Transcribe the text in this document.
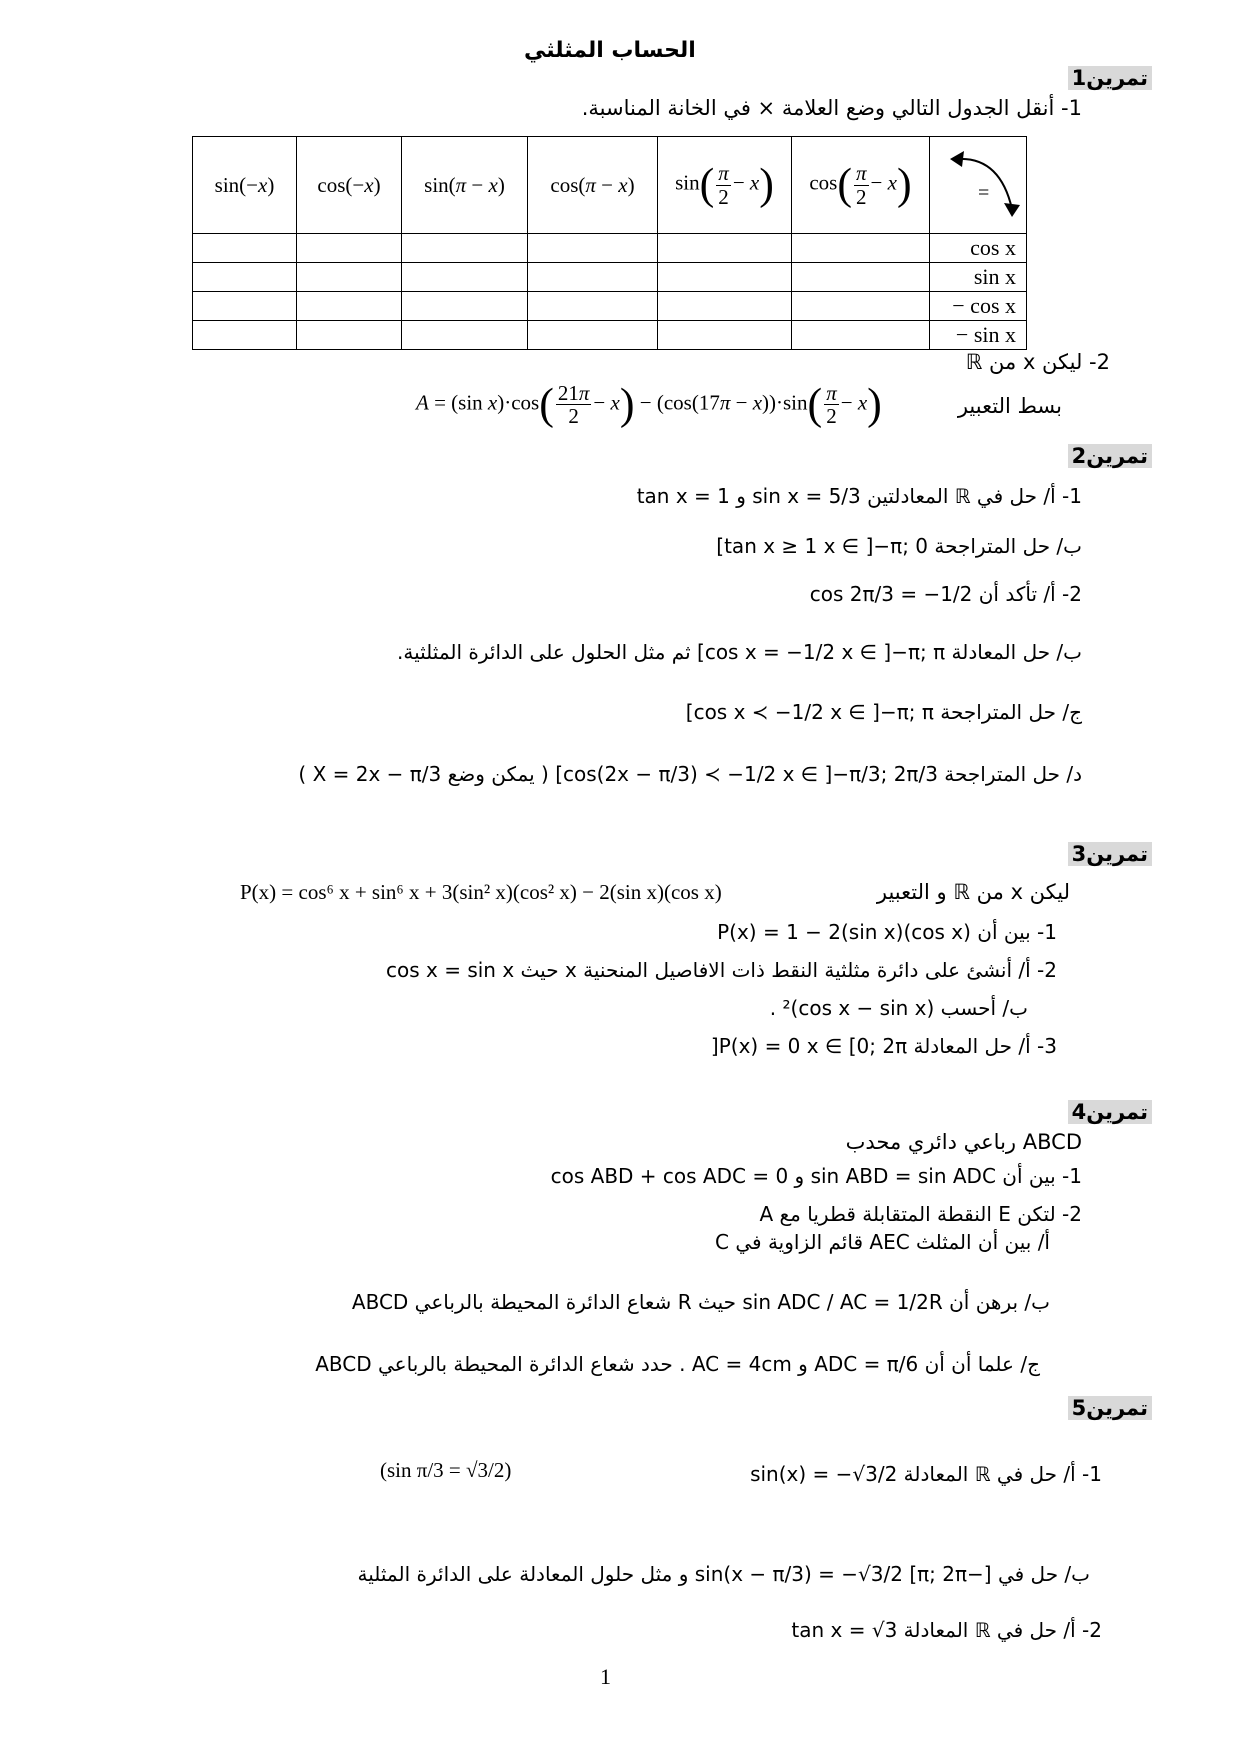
الحساب المثلثي
تمرين1
1- أنقل الجدول التالي وضع العلامة × في الخانة المناسبة.
sin(−x)	cos(−x)	sin(π − x)	cos(π − x)	$\sin( \frac{\pi}{2} - x)$	$\cos( \frac{\pi}{2} - x)$	=

						cos x
						sin x
						− cos x
						− sin x
2- ليكن x من ℝ
بسط التعبير
A = (sin $x)\cdot\cos( \frac{21\pi}{2} - x) - (\cos(17\pi - x))\cdot\sin( \frac{\pi}{2} - x)$
تمرين2
1- أ/ حل في ℝ المعادلتين sin x = 5/3 و tan x = 1
ب/ حل المتراجحة tan x ≥ 1 x ∈ ]−π; 0]
2- أ/ تأكد أن cos 2π/3 = −1/2
ب/ حل المعادلة cos x = −1/2 x ∈ ]−π; π] ثم مثل الحلول على الدائرة المثلثية.
ج/ حل المتراجحة cos x ≺ −1/2 x ∈ ]−π; π]
د/ حل المتراجحة cos(2x − π/3) ≺ −1/2 x ∈ ]−π/3; 2π/3] ( يمكن وضع X = 2x − π/3 )
تمرين3
ليكن x من ℝ و التعبير
P(x) = cos⁶ x + sin⁶ x + 3(sin² x)(cos² x) − 2(sin x)(cos x)
1- بين أن P(x) = 1 − 2(sin x)(cos x)
2- أ/ أنشئ على دائرة مثلثية النقط ذات الافاصيل المنحنية x حيث cos x = sin x
ب/ أحسب (cos x − sin x)² .
3- أ/ حل المعادلة P(x) = 0 x ∈ [0; 2π[
تمرين4
ABCD رباعي دائري محدب
1- بين أن sin ABD = sin ADC و cos ABD + cos ADC = 0
2- لتكن E النقطة المتقابلة قطريا مع A
أ/ بين أن المثلث AEC قائم الزاوية في C
ب/ برهن أن sin ADC / AC = 1/2R حيث R شعاع الدائرة المحيطة بالرباعي ABCD
ج/ علما أن أن ADC = π/6 و AC = 4cm . حدد شعاع الدائرة المحيطة بالرباعي ABCD
تمرين5
1- أ/ حل في ℝ المعادلة sin(x) = −√3/2
(sin π/3 = √3/2)
ب/ حل في [−π; 2π] sin(x − π/3) = −√3/2 و مثل حلول المعادلة على الدائرة المثلية
2- أ/ حل في ℝ المعادلة tan x = √3
1
